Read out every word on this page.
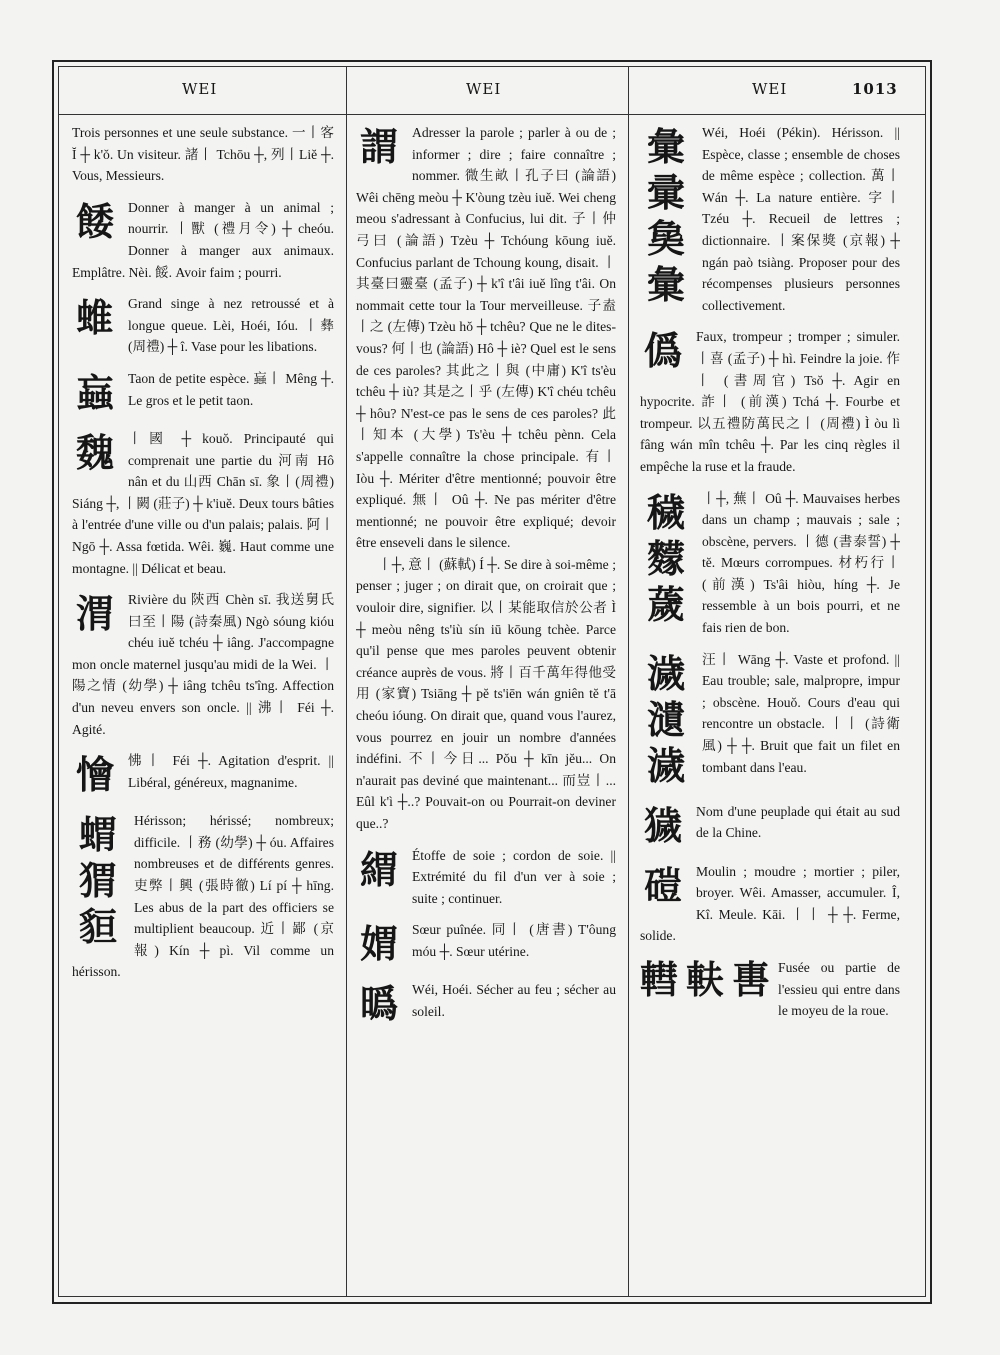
WEI	WEI	WEI	1013
Trois personnes et une seule substance. 一丨客 Ĭ ┼ k'ŏ. Un visiteur. 諸丨 Tchōu ┼, 列丨Liĕ ┼. Vous, Messieurs.
餧	Donner à manger à un animal ; nourrir. 丨獸 (禮月令) ┼ cheóu. Donner à manger aux animaux. Emplâtre. Nèi. 餒. Avoir faim ; pourri.
蜼	Grand singe à nez retroussé et à longue queue. Lèi, Hoéi, Ióu. 丨彝 (周禮) ┼ î. Vase pour les libations.
蝱	Taon de petite espèce. 蝱丨 Mêng ┼. Le gros et le petit taon.
魏	丨國 ┼ kouŏ. Principauté qui comprenait une partie du 河南 Hô nân et du 山西 Chān sī. 象丨(周禮) Siáng ┼, 丨闕 (莊子) ┼ k'iuĕ. Deux tours bâties à l'entrée d'une ville ou d'un palais; palais. 阿丨 Ngō ┼. Assa fœtida. Wêi. 巍. Haut comme une montagne. || Délicat et beau.
渭	Rivière du 陝西 Chèn sī. 我送舅氏曰至丨陽 (詩秦風) Ngò sóung kióu chéu iuĕ tchéu ┼ iâng. J'accompagne mon oncle maternel jusqu'au midi de la Wei. 丨陽之情 (幼學) ┼ iâng tchêu ts'îng. Affection d'un neveu envers son oncle. || 沸丨 Féi ┼. Agité.
懀	怫丨 Féi ┼. Agitation d'esprit. || Libéral, généreux, magnanime.
蝟
猬
貆
Hérisson; hérissé; nombreux; difficile. 丨務 (幼學) ┼ óu. Affaires nombreuses et de différents genres. 吏弊丨興 (張時徹) Lí pí ┼ hīng. Les abus de la part des officiers se multiplient beaucoup. 近丨鄙 (京報) Kín ┼ pì. Vil comme un hérisson.
謂	Adresser la parole ; parler à ou de ; informer ; dire ; faire connaître ; nommer. 微生畝丨孔子曰 (論語) Wêi chēng meòu ┼ K'òung tzèu iuĕ. Wei cheng meou s'adressant à Confucius, lui dit. 子丨仲弓曰 (論語) Tzèu ┼ Tchóung kōung iuĕ. Confucius parlant de Tchoung koung, disait. 丨其臺曰靈臺 (孟子) ┼ k'î t'âi iuĕ lîng t'âi. On nommait cette tour la Tour merveilleuse. 子盍丨之 (左傳) Tzèu hŏ ┼ tchêu? Que ne le dites-vous? 何丨也 (論語) Hô ┼ iè? Quel est le sens de ces paroles? 其此之丨與 (中庸) K'î ts'èu tchêu ┼ iù? 其是之丨乎 (左傳) K'î chéu tchêu ┼ hôu? N'est-ce pas le sens de ces paroles? 此丨知本 (大學) Ts'èu ┼ tchêu pènn. Cela s'appelle connaître la chose principale. 有丨 Iòu ┼. Mériter d'être mentionné; pouvoir être expliqué. 無丨 Oû ┼. Ne pas mériter d'être mentionné; ne pouvoir être expliqué; devoir être enseveli dans le silence.
丨┼, 意丨 (蘇軾) Í ┼. Se dire à soi-même ; penser ; juger ; on dirait que, on croirait que ; vouloir dire, signifier. 以丨某能取信於公者 Ì ┼ meòu nêng ts'iù sín iū kōung tchèe. Parce qu'il pense que mes paroles peuvent obtenir créance auprès de vous. 將丨百千萬年得他受用 (家寶) Tsiāng ┼ pĕ ts'iēn wán gniên tĕ t'ā cheóu ióung. On dirait que, quand vous l'aurez, vous pourrez en jouir un nombre d'années indéfini. 不丨今日... Pŏu ┼ kīn jĕu... On n'aurait pas deviné que maintenant... 而豈丨... Eûl k'ì ┼..? Pouvait-on ou Pourrait-on deviner que..?
緭	Étoffe de soie ; cordon de soie. || Extrémité du fil d'un ver à soie ; suite ; continuer.
媦	Sœur puînée. 同丨 (唐書) T'ôung móu ┼. Sœur utérine.
㬙	Wéi, Hoéi. Sécher au feu ; sécher au soleil.
彙
彚
㚟
彙
Wéi, Hoéi (Pékin). Hérisson. || Espèce, classe ; ensemble de choses de même espèce ; collection. 萬丨 Wán ┼. La nature entière. 字丨 Tzéu ┼. Recueil de lettres ; dictionnaire. 丨案保獎 (京報) ┼ ngán paò tsiàng. Proposer pour des récompenses plusieurs personnes collectivement.
僞	Faux, trompeur ; tromper ; simuler. 丨喜 (孟子) ┼ hì. Feindre la joie. 作丨 (書周官) Tsŏ ┼. Agir en hypocrite. 詐丨 (前漢) Tchá ┼. Fourbe et trompeur. 以五禮防萬民之丨 (周禮) Ì òu lì fâng wán mîn tchêu ┼. Par les cinq règles il empêche la ruse et la fraude.
穢
䵆
薉
丨┼, 蕪丨 Oû ┼. Mauvaises herbes dans un champ ; mauvais ; sale ; obscène, pervers. 丨德 (書泰誓) ┼ tĕ. Mœurs corrompues. 材朽行丨 (前漢) Ts'âi hiòu, híng ┼. Je ressemble à un bois pourri, et ne fais rien de bon.
濊
瀢
濊
汪丨 Wāng ┼. Vaste et profond. || Eau trouble; sale, malpropre, impur ; obscène. Houŏ. Cours d'eau qui rencontre un obstacle. 丨丨 (詩衛風) ┼ ┼. Bruit que fait un filet en tombant dans l'eau.
獩	Nom d'une peuplade qui était au sud de la Chine.
磑	Moulin ; moudre ; mortier ; piler, broyer. Wêi. Amasser, accumuler. Î, Kî. Meule. Kāi. 丨丨 ┼ ┼. Ferme, solide.
轊 䡍 軎 Fusée ou partie de l'essieu qui entre dans le moyeu de la roue.
